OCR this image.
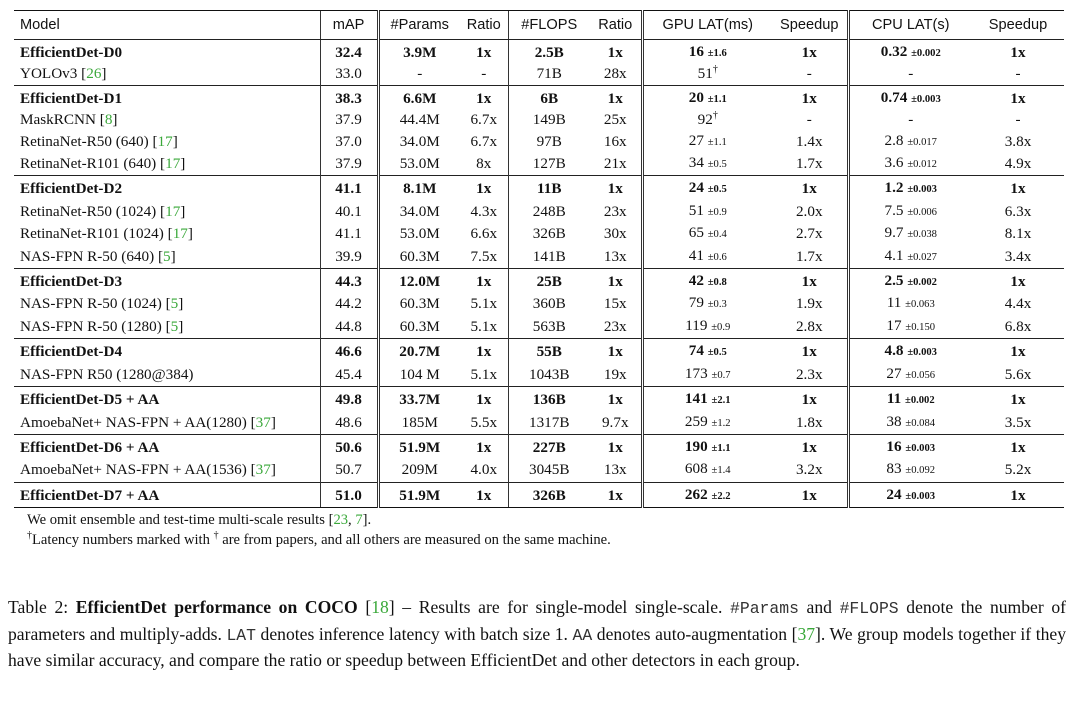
Model	mAP	#Params	Ratio	#FLOPS	Ratio	GPU LAT(ms)	Speedup	CPU LAT(s)	Speedup
EfficientDet-D0	32.4	3.9M	1x	2.5B	1x	16 ±1.6	1x	0.32 ±0.002	1x
YOLOv3 [26]	33.0	-	-	71B	28x	51†	-	-	-
EfficientDet-D1	38.3	6.6M	1x	6B	1x	20 ±1.1	1x	0.74 ±0.003	1x
MaskRCNN [8]	37.9	44.4M	6.7x	149B	25x	92†	-	-	-
RetinaNet-R50 (640) [17]	37.0	34.0M	6.7x	97B	16x	27 ±1.1	1.4x	2.8 ±0.017	3.8x
RetinaNet-R101 (640) [17]	37.9	53.0M	8x	127B	21x	34 ±0.5	1.7x	3.6 ±0.012	4.9x
EfficientDet-D2	41.1	8.1M	1x	11B	1x	24 ±0.5	1x	1.2 ±0.003	1x
RetinaNet-R50 (1024) [17]	40.1	34.0M	4.3x	248B	23x	51 ±0.9	2.0x	7.5 ±0.006	6.3x
RetinaNet-R101 (1024) [17]	41.1	53.0M	6.6x	326B	30x	65 ±0.4	2.7x	9.7 ±0.038	8.1x
NAS-FPN R-50 (640) [5]	39.9	60.3M	7.5x	141B	13x	41 ±0.6	1.7x	4.1 ±0.027	3.4x
EfficientDet-D3	44.3	12.0M	1x	25B	1x	42 ±0.8	1x	2.5 ±0.002	1x
NAS-FPN R-50 (1024) [5]	44.2	60.3M	5.1x	360B	15x	79 ±0.3	1.9x	11 ±0.063	4.4x
NAS-FPN R-50 (1280) [5]	44.8	60.3M	5.1x	563B	23x	119 ±0.9	2.8x	17 ±0.150	6.8x
EfficientDet-D4	46.6	20.7M	1x	55B	1x	74 ±0.5	1x	4.8 ±0.003	1x
NAS-FPN R50 (1280@384)	45.4	104 M	5.1x	1043B	19x	173 ±0.7	2.3x	27 ±0.056	5.6x
EfficientDet-D5 + AA	49.8	33.7M	1x	136B	1x	141 ±2.1	1x	11 ±0.002	1x
AmoebaNet+ NAS-FPN + AA(1280) [37]	48.6	185M	5.5x	1317B	9.7x	259 ±1.2	1.8x	38 ±0.084	3.5x
EfficientDet-D6 + AA	50.6	51.9M	1x	227B	1x	190 ±1.1	1x	16 ±0.003	1x
AmoebaNet+ NAS-FPN + AA(1536) [37]	50.7	209M	4.0x	3045B	13x	608 ±1.4	3.2x	83 ±0.092	5.2x
EfficientDet-D7 + AA	51.0	51.9M	1x	326B	1x	262 ±2.2	1x	24 ±0.003	1x
We omit ensemble and test-time multi-scale results [23, 7].
†Latency numbers marked with † are from papers, and all others are measured on the same machine.
Table 2: EfficientDet performance on COCO [18] – Results are for single-model single-scale. #Params and #FLOPS denote the number of parameters and multiply-adds. LAT denotes inference latency with batch size 1. AA denotes auto-augmentation [37]. We group models together if they have similar accuracy, and compare the ratio or speedup between EfficientDet and other detectors in each group.
